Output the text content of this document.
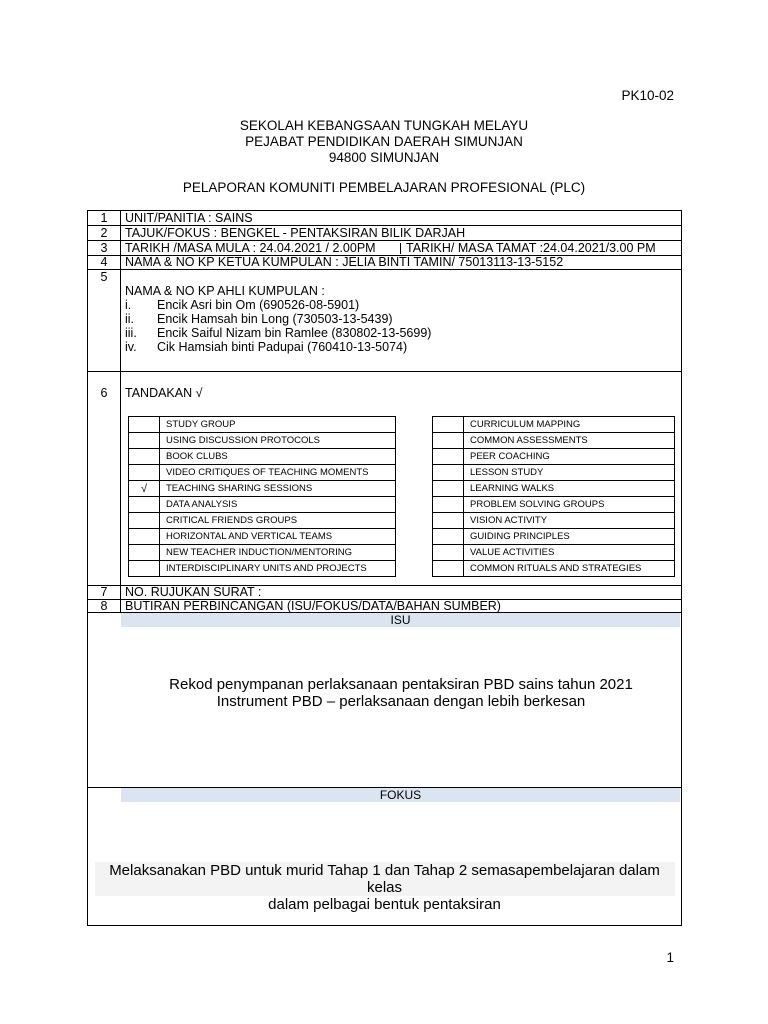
PK10-02
SEKOLAH KEBANGSAAN TUNGKAH MELAYU
PEJABAT PENDIDIKAN DAERAH SIMUNJAN
94800 SIMUNJAN
PELAPORAN KOMUNITI PEMBELAJARAN PROFESIONAL (PLC)
1	UNIT/PANITIA : SAINS
2	TAJUK/FOKUS : BENGKEL - PENTAKSIRAN BILIK DARJAH
3	TARIKH /MASA MULA : 24.04.2021 / 2.00PM TARIKH/ MASA TAMAT :24.04.2021/3.00 PM
4	NAMA & NO KP KETUA KUMPULAN : JELIA BINTI TAMIN/ 75013113-13-5152
5
NAMA & NO KP AHLI KUMPULAN :
i. Encik Asri bin Om (690526-08-5901)
ii. Encik Hamsah bin Long (730503-13-5439)
iii. Encik Saiful Nizam bin Ramlee (830802-13-5699)
iv. Cik Hamsiah binti Padupai (760410-13-5074)
6	TANDAKAN √
	STUDY GROUP
	USING DISCUSSION PROTOCOLS
	BOOK CLUBS
	VIDEO CRITIQUES OF TEACHING MOMENTS
√	TEACHING SHARING SESSIONS
	DATA ANALYSIS
	CRITICAL FRIENDS GROUPS
	HORIZONTAL AND VERTICAL TEAMS
	NEW TEACHER INDUCTION/MENTORING
	INTERDISCIPLINARY UNITS AND PROJECTS
	CURRICULUM MAPPING
	COMMON ASSESSMENTS
	PEER COACHING
	LESSON STUDY
	LEARNING WALKS
	PROBLEM SOLVING GROUPS
	VISION ACTIVITY
	GUIDING PRINCIPLES
	VALUE ACTIVITIES
	COMMON RITUALS AND STRATEGIES
7	NO. RUJUKAN SURAT :
8	BUTIRAN PERBINCANGAN (ISU/FOKUS/DATA/BAHAN SUMBER)
ISU
Rekod penympanan perlaksanaan pentaksiran PBD sains tahun 2021
Instrument PBD – perlaksanaan dengan lebih berkesan
FOKUS
Melaksanakan PBD untuk murid Tahap 1 dan Tahap 2 semasapembelajaran dalam kelas
dalam pelbagai bentuk pentaksiran
1
